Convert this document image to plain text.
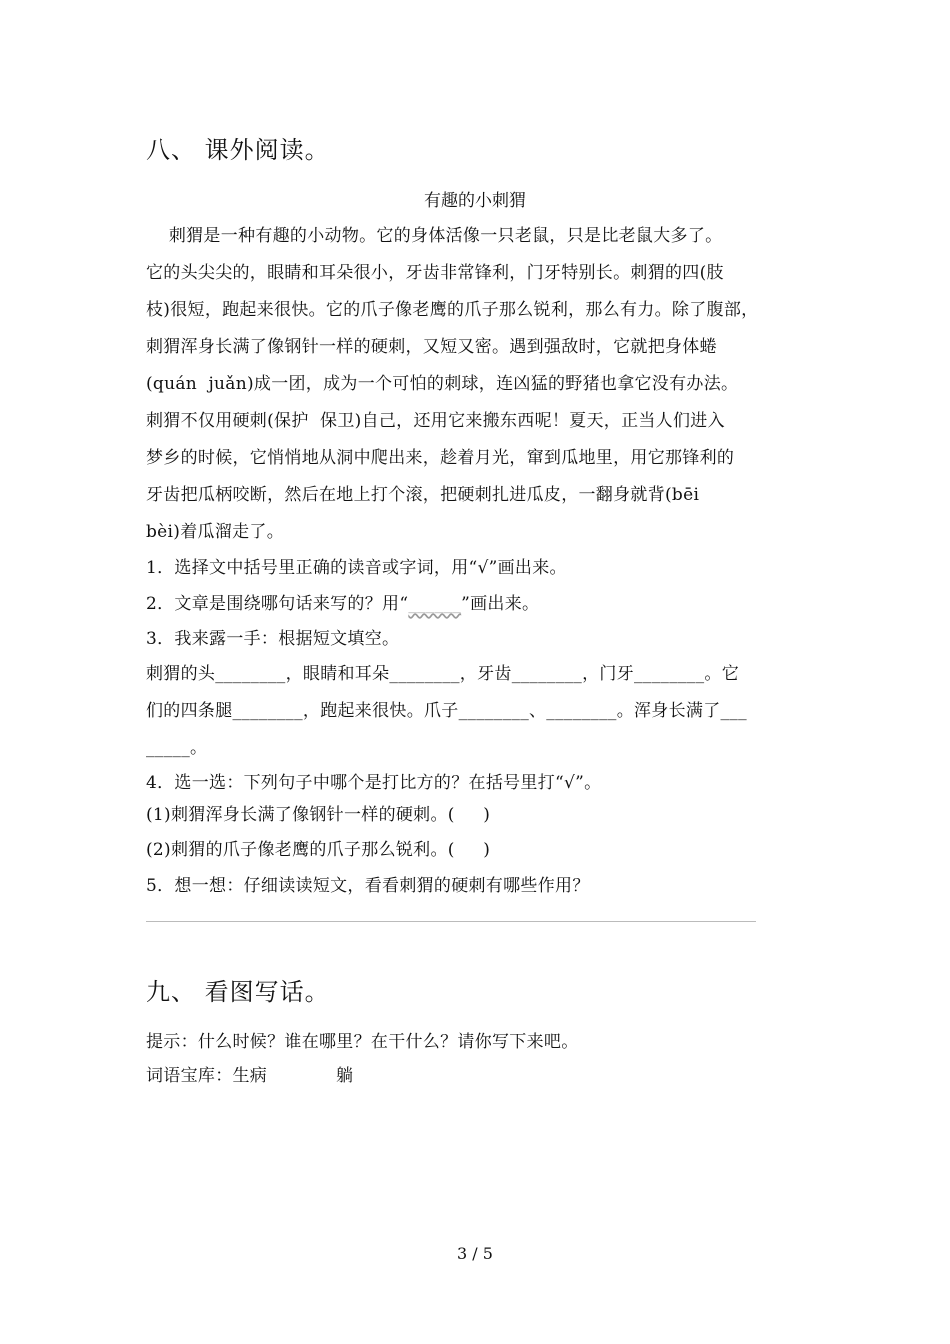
八、 课外阅读。
有趣的小刺猬
刺猬是一种有趣的小动物。它的身体活像一只老鼠，只是比老鼠大多了。
它的头尖尖的，眼睛和耳朵很小，牙齿非常锋利，门牙特别长。刺猬的四(肢
枝)很短，跑起来很快。它的爪子像老鹰的爪子那么锐利，那么有力。除了腹部，
刺猬浑身长满了像钢针一样的硬刺，又短又密。遇到强敌时，它就把身体蜷
(quán  juǎn)成一团，成为一个可怕的刺球，连凶猛的野猪也拿它没有办法。
刺猬不仅用硬刺(保护  保卫)自己，还用它来搬东西呢！夏天，正当人们进入
梦乡的时候，它悄悄地从洞中爬出来，趁着月光，窜到瓜地里，用它那锋利的
牙齿把瓜柄咬断，然后在地上打个滚，把硬刺扎进瓜皮，一翻身就背(bēi
bèi)着瓜溜走了。
1．选择文中括号里正确的读音或字词，用“√”画出来。
2．文章是围绕哪句话来写的？用“______”画出来。
3．我来露一手：根据短文填空。
刺猬的头________，眼睛和耳朵________，牙齿________，门牙________。它
们的四条腿________，跑起来很快。爪子________、________。浑身长满了___
_____。
4．选一选：下列句子中哪个是打比方的？在括号里打“√”。
(1)刺猬浑身长满了像钢针一样的硬刺。(     )
(2)刺猬的爪子像老鹰的爪子那么锐利。(     )
5．想一想：仔细读读短文，看看刺猬的硬刺有哪些作用？
九、 看图写话。
提示：什么时候？谁在哪里？在干什么？请你写下来吧。
词语宝库：生病	躺
3 / 5
